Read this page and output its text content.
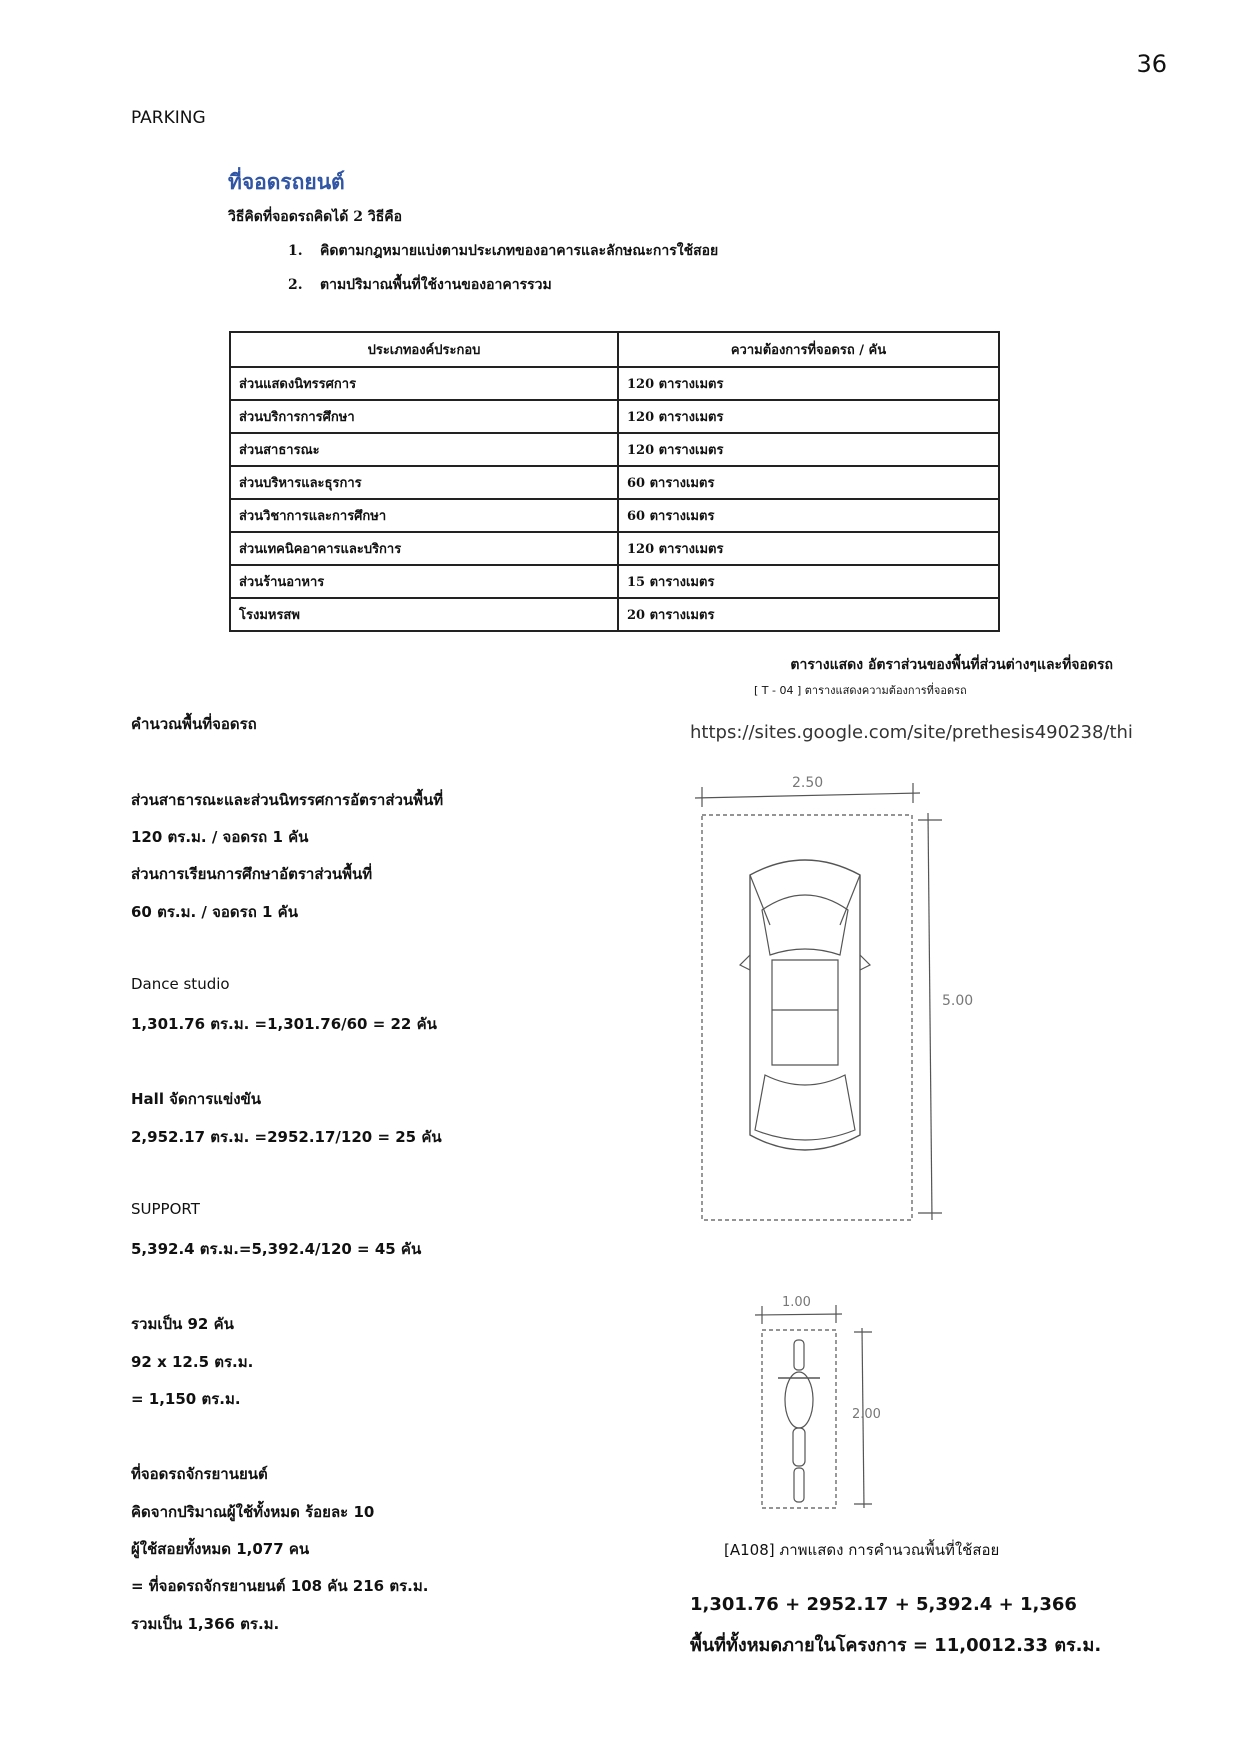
36
PARKING
ที่จอดรถยนต์
วิธีคิดที่จอดรถคิดได้ 2 วิธีคือ
1. คิดตามกฎหมายแบ่งตามประเภทของอาคารและลักษณะการใช้สอย
2. ตามปริมาณพื้นที่ใช้งานของอาคารรวม
ประเภทองค์ประกอบ	ความต้องการที่จอดรถ / คัน
ส่วนแสดงนิทรรศการ	120 ตารางเมตร
ส่วนบริการการศึกษา	120 ตารางเมตร
ส่วนสาธารณะ	120 ตารางเมตร
ส่วนบริหารและธุรการ	60 ตารางเมตร
ส่วนวิชาการและการศึกษา	60 ตารางเมตร
ส่วนเทคนิคอาคารและบริการ	120 ตารางเมตร
ส่วนร้านอาหาร	15 ตารางเมตร
โรงมหรสพ	20 ตารางเมตร
ตารางแสดง อัตราส่วนของพื้นที่ส่วนต่างๆและที่จอดรถ
[ T - 04 ] ตารางแสดงความต้องการที่จอดรถ
https://sites.google.com/site/prethesis490238/thi
คำนวณพื้นที่จอดรถ
ส่วนสาธารณะและส่วนนิทรรศการอัตราส่วนพื้นที่
120 ตร.ม. / จอดรถ 1 คัน
ส่วนการเรียนการศึกษาอัตราส่วนพื้นที่
60 ตร.ม. / จอดรถ 1 คัน
Dance studio
1,301.76 ตร.ม. =1,301.76/60 = 22 คัน
Hall จัดการแข่งขัน
2,952.17 ตร.ม. =2952.17/120 = 25 คัน
SUPPORT
5,392.4 ตร.ม.=5,392.4/120 = 45 คัน
รวมเป็น 92 คัน
92 x 12.5 ตร.ม.
= 1,150 ตร.ม.
ที่จอดรถจักรยานยนต์
คิดจากปริมาณผู้ใช้ทั้งหมด ร้อยละ 10
ผู้ใช้สอยทั้งหมด 1,077 คน
= ที่จอดรถจักรยานยนต์ 108 คัน 216 ตร.ม.
รวมเป็น 1,366 ตร.ม.
2.50
5.00
1.00
2.00
[A108] ภาพแสดง การคำนวณพื้นที่ใช้สอย
1,301.76 + 2952.17 + 5,392.4 + 1,366
พื้นที่ทั้งหมดภายในโครงการ = 11,0012.33 ตร.ม.
